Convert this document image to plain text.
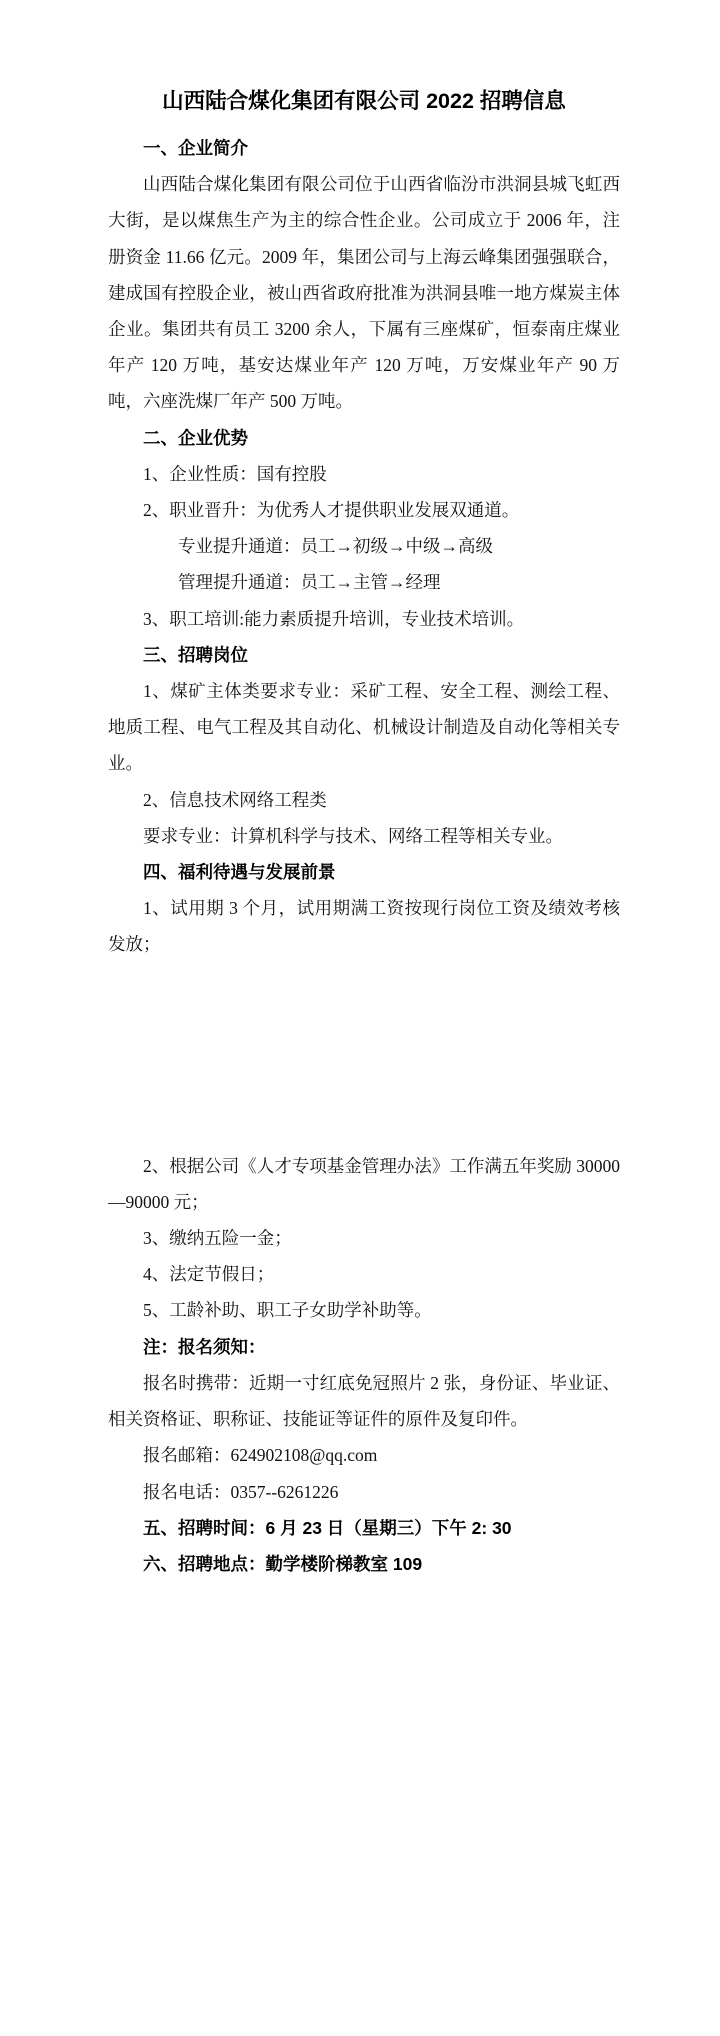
山西陆合煤化集团有限公司 2022 招聘信息

一、企业简介

山西陆合煤化集团有限公司位于山西省临汾市洪洞县城飞虹西大街，是以煤焦生产为主的综合性企业。公司成立于 2006 年，注册资金 11.66 亿元。2009 年，集团公司与上海云峰集团强强联合，建成国有控股企业，被山西省政府批准为洪洞县唯一地方煤炭主体企业。集团共有员工 3200 余人，下属有三座煤矿，恒泰南庄煤业年产 120 万吨，基安达煤业年产 120 万吨，万安煤业年产 90 万吨，六座洗煤厂年产 500 万吨。

二、企业优势

1、企业性质：国有控股

2、职业晋升：为优秀人才提供职业发展双通道。

专业提升通道：员工→初级→中级→高级

管理提升通道：员工→主管→经理

3、职工培训:能力素质提升培训，专业技术培训。

三、招聘岗位

1、煤矿主体类要求专业：采矿工程、安全工程、测绘工程、地质工程、电气工程及其自动化、机械设计制造及自动化等相关专业。

2、信息技术网络工程类

要求专业：计算机科学与技术、网络工程等相关专业。

四、福利待遇与发展前景

1、试用期 3 个月，试用期满工资按现行岗位工资及绩效考核发放；

2、根据公司《人才专项基金管理办法》工作满五年奖励 30000—90000 元；

3、缴纳五险一金；

4、法定节假日；

5、工龄补助、职工子女助学补助等。

注：报名须知：

报名时携带：近期一寸红底免冠照片 2 张，身份证、毕业证、相关资格证、职称证、技能证等证件的原件及复印件。

报名邮箱：624902108@qq.com

报名电话：0357--6261226

五、招聘时间：6 月 23 日（星期三）下午 2: 30

六、招聘地点：勤学楼阶梯教室 109
